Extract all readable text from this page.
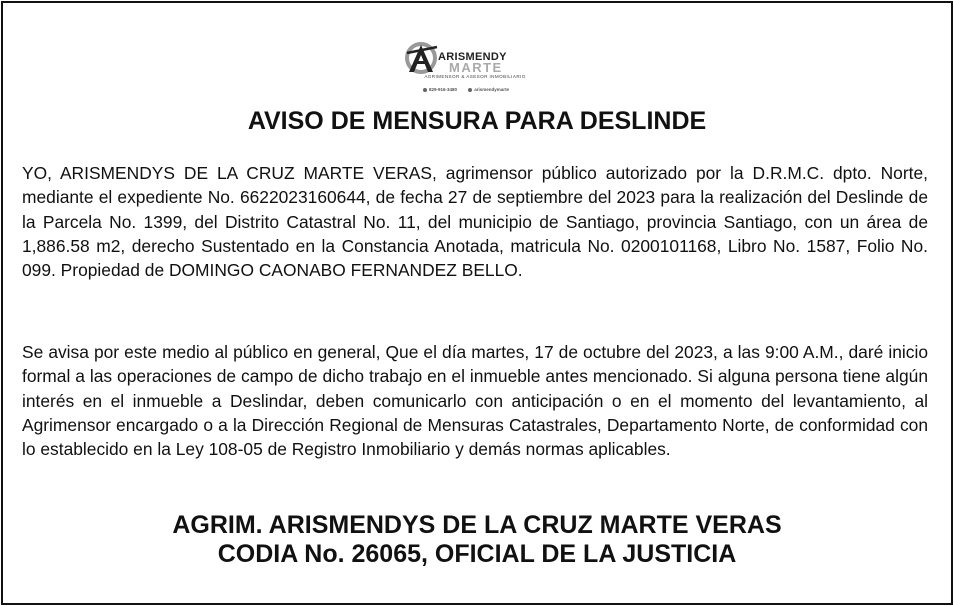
ARISMENDY
MARTE
AGRIMENSOR & ASESOR INMOBILIARIO
829-916-3480	arismendymarte
AVISO DE MENSURA PARA DESLINDE

YO, ARISMENDYS DE LA CRUZ MARTE VERAS, agrimensor público autorizado por la D.R.M.C. dpto. Norte, mediante el expediente No. 6622023160644, de fecha 27 de septiembre del 2023 para la realización del Deslinde de la Parcela No. 1399, del Distrito Catastral No. 11, del municipio de Santiago, provincia Santiago, con un área de 1,886.58 m2, derecho Sustentado en la Constancia Anotada, matricula No. 0200101168, Libro No. 1587, Folio No. 099. Propiedad de DOMINGO CAONABO FERNANDEZ BELLO.

Se avisa por este medio al público en general, Que el día martes, 17 de octubre del 2023, a las 9:00 A.M., daré inicio formal a las operaciones de campo de dicho trabajo en el inmueble antes mencionado. Si alguna persona tiene algún interés en el inmueble a Deslindar, deben comunicarlo con anticipación o en el momento del levantamiento, al Agrimensor encargado o a la Dirección Regional de Mensuras Catastrales, Departamento Norte, de conformidad con lo establecido en la Ley 108-05 de Registro Inmobiliario y demás normas aplicables.

AGRIM. ARISMENDYS DE LA CRUZ MARTE VERAS
CODIA No. 26065, OFICIAL DE LA JUSTICIA
